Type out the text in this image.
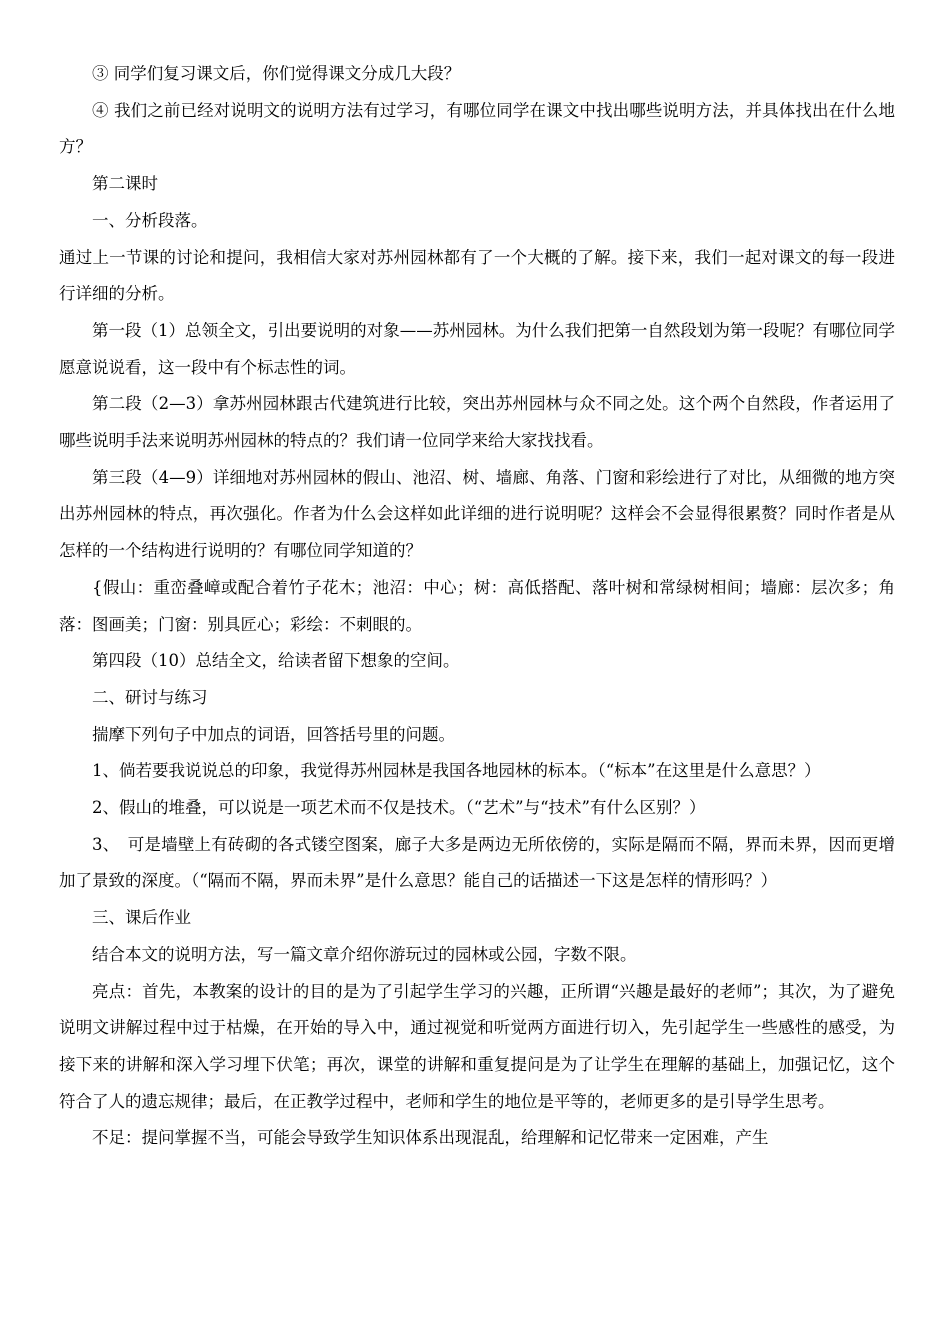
③ 同学们复习课文后，你们觉得课文分成几大段？

④ 我们之前已经对说明文的说明方法有过学习，有哪位同学在课文中找出哪些说明方法，并具体找出在什么地方？

第二课时

一、分析段落。

通过上一节课的讨论和提问，我相信大家对苏州园林都有了一个大概的了解。接下来，我们一起对课文的每一段进行详细的分析。

第一段（1）总领全文，引出要说明的对象——苏州园林。为什么我们把第一自然段划为第一段呢？有哪位同学愿意说说看，这一段中有个标志性的词。

第二段（2—3）拿苏州园林跟古代建筑进行比较，突出苏州园林与众不同之处。这个两个自然段，作者运用了哪些说明手法来说明苏州园林的特点的？我们请一位同学来给大家找找看。

第三段（4—9）详细地对苏州园林的假山、池沼、树、墙廊、角落、门窗和彩绘进行了对比，从细微的地方突出苏州园林的特点，再次强化。作者为什么会这样如此详细的进行说明呢？这样会不会显得很累赘？同时作者是从怎样的一个结构进行说明的？有哪位同学知道的？

{假山：重峦叠嶂或配合着竹子花木；池沼：中心；树：高低搭配、落叶树和常绿树相间；墙廊：层次多；角落：图画美；门窗：别具匠心；彩绘：不刺眼的。

第四段（10）总结全文，给读者留下想象的空间。

二、研讨与练习

揣摩下列句子中加点的词语，回答括号里的问题。

1、倘若要我说说总的印象，我觉得苏州园林是我国各地园林的标本。（“标本”在这里是什么意思？）

2、假山的堆叠，可以说是一项艺术而不仅是技术。（“艺术”与“技术”有什么区别？）

3、　可是墙壁上有砖砌的各式镂空图案，廊子大多是两边无所依傍的，实际是隔而不隔，界而未界，因而更增加了景致的深度。（“隔而不隔，界而未界”是什么意思？能自己的话描述一下这是怎样的情形吗？）

三、课后作业

结合本文的说明方法，写一篇文章介绍你游玩过的园林或公园，字数不限。

亮点：首先，本教案的设计的目的是为了引起学生学习的兴趣，正所谓“兴趣是最好的老师”；其次，为了避免说明文讲解过程中过于枯燥，在开始的导入中，通过视觉和听觉两方面进行切入，先引起学生一些感性的感受，为接下来的讲解和深入学习埋下伏笔；再次，课堂的讲解和重复提问是为了让学生在理解的基础上，加强记忆，这个符合了人的遗忘规律；最后，在正教学过程中，老师和学生的地位是平等的，老师更多的是引导学生思考。

不足：提问掌握不当，可能会导致学生知识体系出现混乱，给理解和记忆带来一定困难，产生
